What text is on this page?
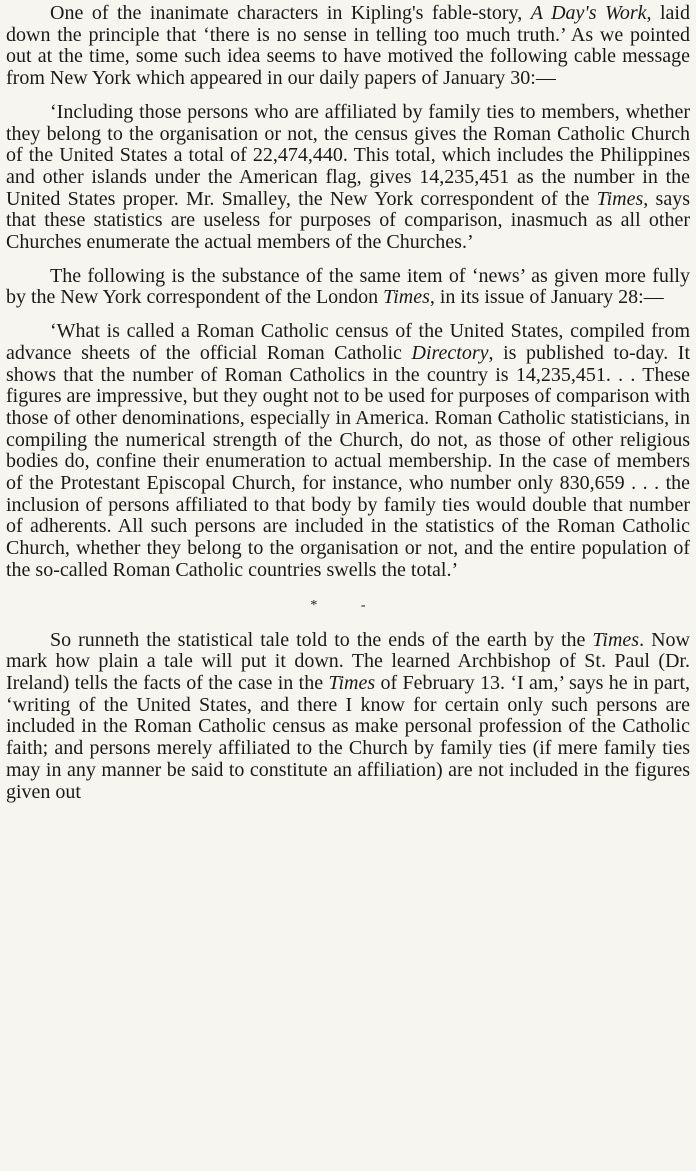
One of the inanimate characters in Kipling's fable-story, A Day's Work, laid down the principle that ‘there is no sense in telling too much truth.’ As we pointed out at the time, some such idea seems to have motived the following cable message from New York which appeared in our daily papers of January 30:—

‘Including those persons who are affiliated by family ties to members, whether they belong to the organisation or not, the census gives the Roman Catholic Church of the United States a total of 22,474,440. This total, which includes the Philippines and other islands under the American flag, gives 14,235,451 as the number in the United States proper. Mr. Smalley, the New York correspondent of the Times, says that these statistics are useless for purposes of comparison, inasmuch as all other Churches enumerate the actual members of the Churches.’

The following is the substance of the same item of ‘news’ as given more fully by the New York correspondent of the London Times, in its issue of January 28:—

‘What is called a Roman Catholic census of the United States, compiled from advance sheets of the official Roman Catholic Directory, is published to-day. It shows that the number of Roman Catholics in the country is 14,235,451. . . These figures are impressive, but they ought not to be used for purposes of comparison with those of other denominations, especially in America. Roman Catholic statisticians, in compiling the numerical strength of the Church, do not, as those of other religious bodies do, confine their enumeration to actual membership. In the case of members of the Protestant Episcopal Church, for instance, who number only 830,659 . . . the inclusion of persons affiliated to that body by family ties would double that number of adherents. All such persons are included in the statistics of the Roman Catholic Church, whether they belong to the organisation or not, and the entire population of the so-called Roman Catholic countries swells the total.’

* -

So runneth the statistical tale told to the ends of the earth by the Times. Now mark how plain a tale will put it down. The learned Archbishop of St. Paul (Dr. Ireland) tells the facts of the case in the Times of February 13. ‘I am,’ says he in part, ‘writing of the United States, and there I know for certain only such persons are included in the Roman Catholic census as make personal profession of the Catholic faith; and persons merely affiliated to the Church by family ties (if mere family ties may in any manner be said to constitute an affiliation) are not included in the figures given out
